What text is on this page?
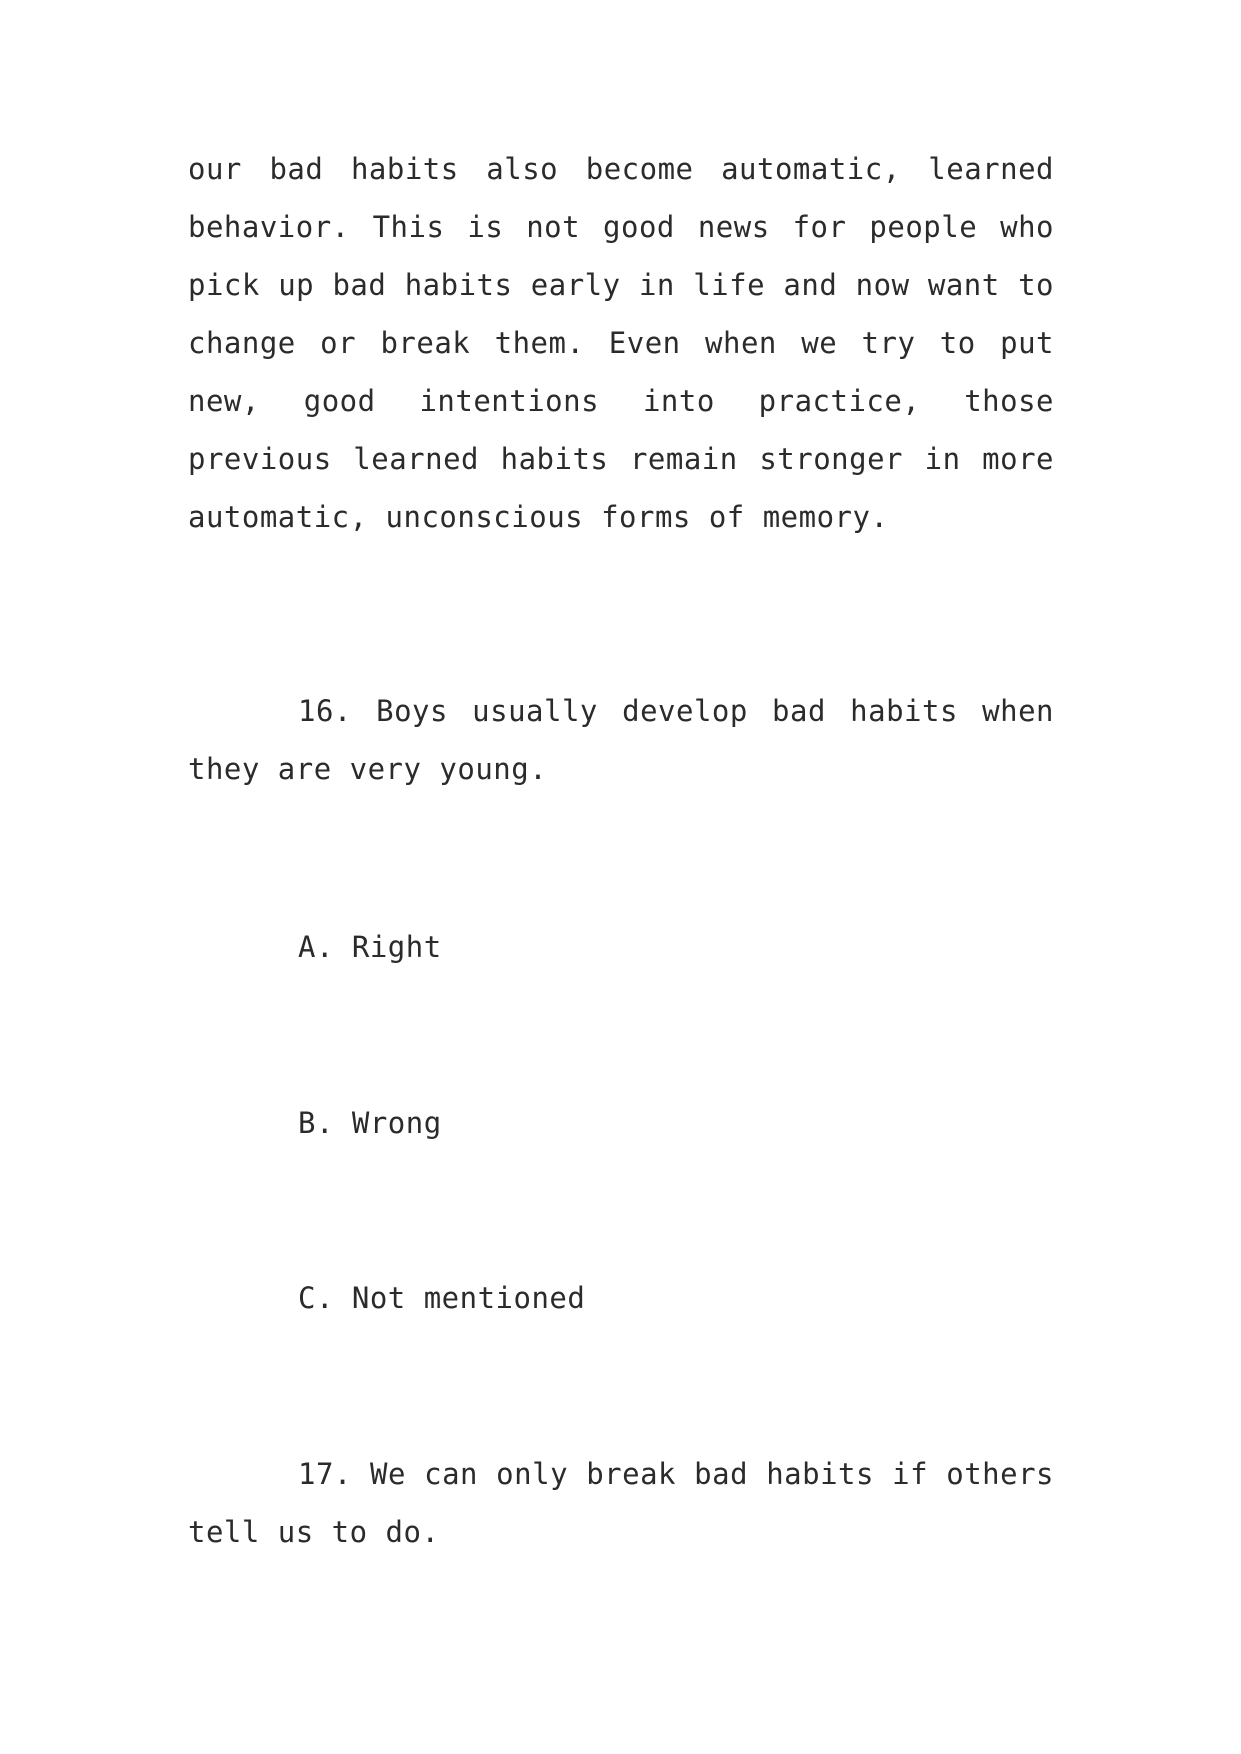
our bad habits also become automatic, learned behavior. This is not good news for people who pick up bad habits early in life and now want to change or break them. Even when we try to put new, good intentions into practice, those previous learned habits remain stronger in more automatic, unconscious forms of memory.

16. Boys usually develop bad habits when they are very young.

A. Right
B. Wrong
C. Not mentioned

17. We can only break bad habits if others tell us to do.
